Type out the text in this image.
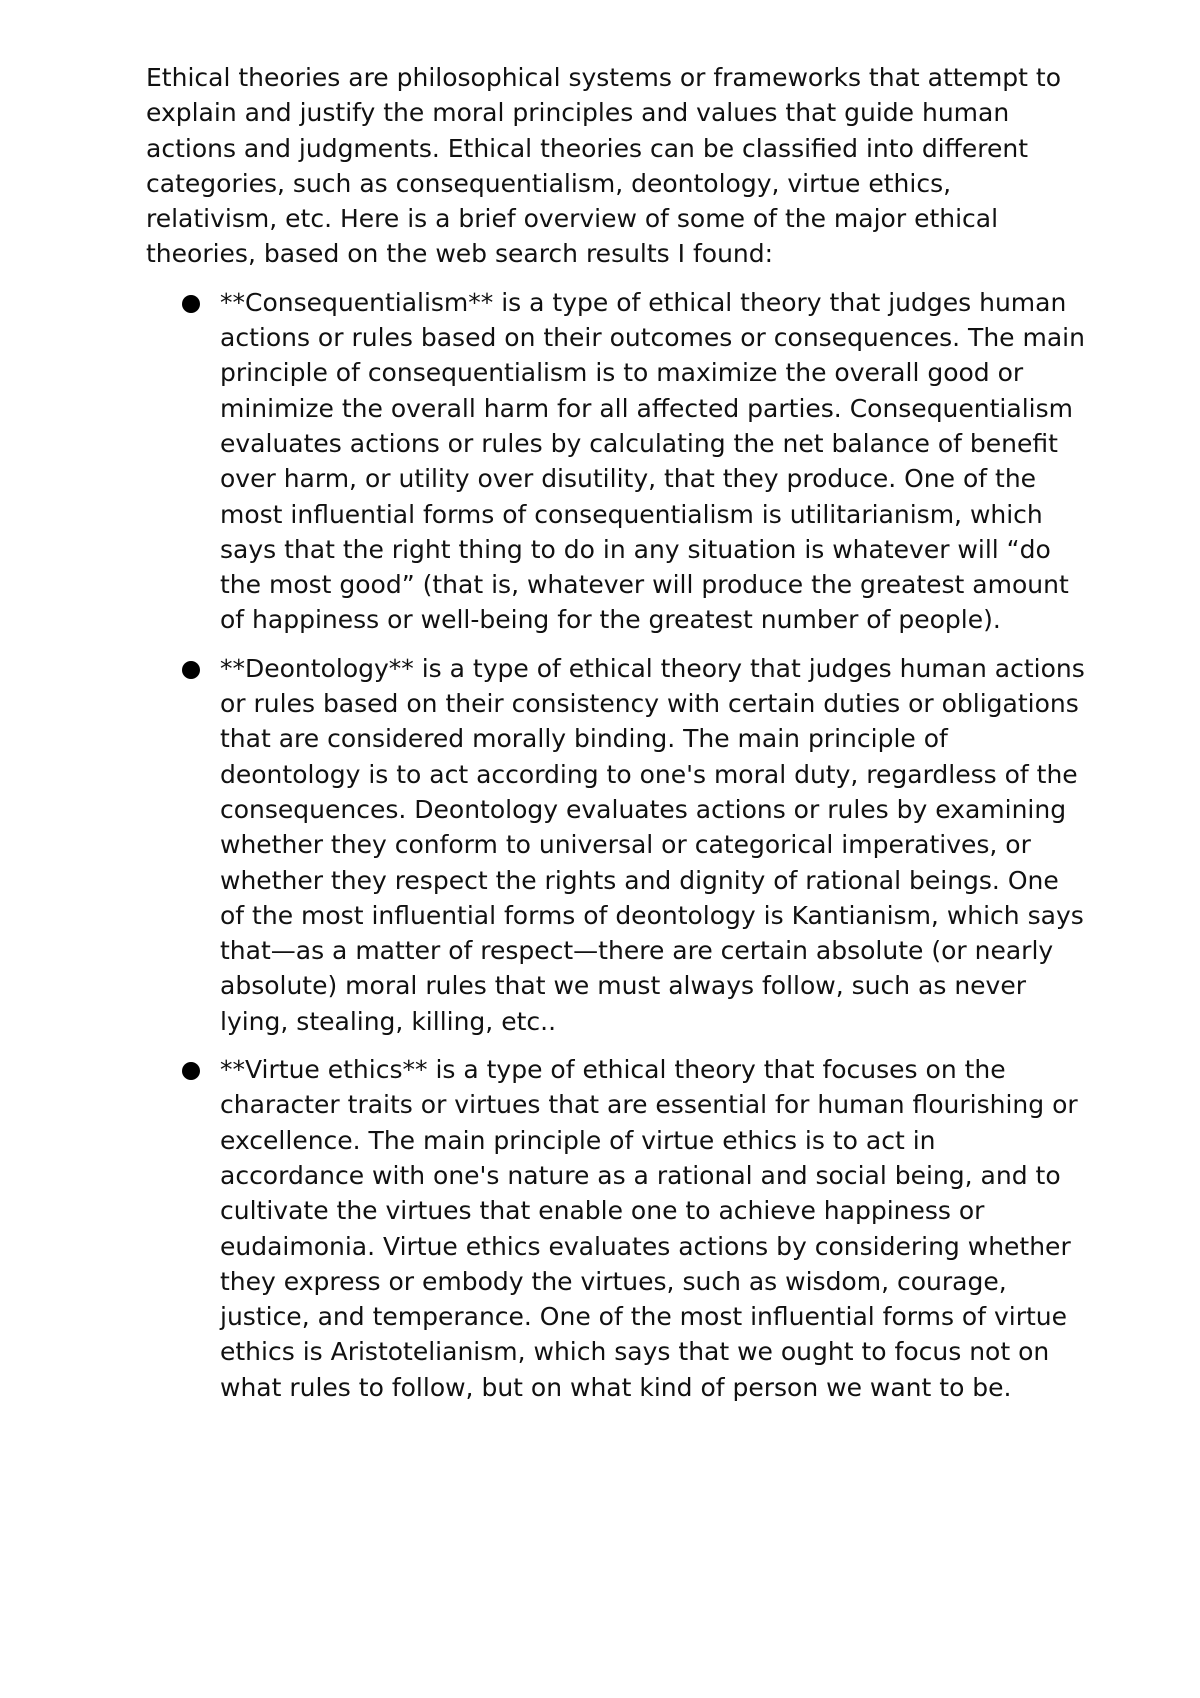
Ethical theories are philosophical systems or frameworks that attempt to explain and justify the moral principles and values that guide human actions and judgments. Ethical theories can be classified into different categories, such as consequentialism, deontology, virtue ethics, relativism, etc. Here is a brief overview of some of the major ethical theories, based on the web search results I found:

**Consequentialism** is a type of ethical theory that judges human actions or rules based on their outcomes or consequences. The main principle of consequentialism is to maximize the overall good or minimize the overall harm for all affected parties. Consequentialism evaluates actions or rules by calculating the net balance of benefit over harm, or utility over disutility, that they produce. One of the most influential forms of consequentialism is utilitarianism, which says that the right thing to do in any situation is whatever will “do the most good” (that is, whatever will produce the greatest amount of happiness or well-being for the greatest number of people).
**Deontology** is a type of ethical theory that judges human actions or rules based on their consistency with certain duties or obligations that are considered morally binding. The main principle of deontology is to act according to one's moral duty, regardless of the consequences. Deontology evaluates actions or rules by examining whether they conform to universal or categorical imperatives, or whether they respect the rights and dignity of rational beings. One of the most influential forms of deontology is Kantianism, which says that—as a matter of respect—there are certain absolute (or nearly absolute) moral rules that we must always follow, such as never lying, stealing, killing, etc..
**Virtue ethics** is a type of ethical theory that focuses on the character traits or virtues that are essential for human flourishing or excellence. The main principle of virtue ethics is to act in accordance with one's nature as a rational and social being, and to cultivate the virtues that enable one to achieve happiness or eudaimonia. Virtue ethics evaluates actions by considering whether they express or embody the virtues, such as wisdom, courage, justice, and temperance. One of the most influential forms of virtue ethics is Aristotelianism, which says that we ought to focus not on what rules to follow, but on what kind of person we want to be.
